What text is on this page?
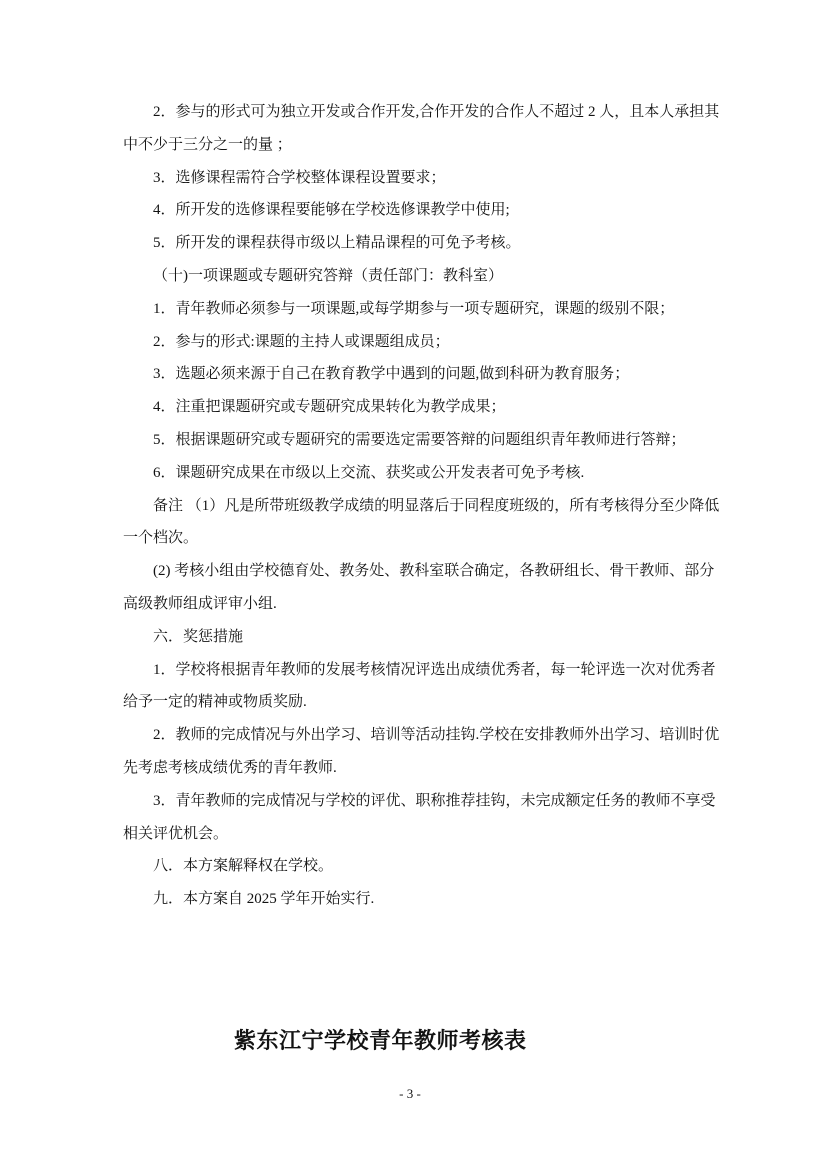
2．参与的形式可为独立开发或合作开发,合作开发的合作人不超过 2 人，且本人承担其
中不少于三分之一的量 ；
3．选修课程需符合学校整体课程设置要求；
4．所开发的选修课程要能够在学校选修课教学中使用;
5．所开发的课程获得市级以上精品课程的可免予考核。
（十)一项课题或专题研究答辩（责任部门：教科室）
1．青年教师必须参与一项课题,或每学期参与一项专题研究，课题的级别不限；
2．参与的形式:课题的主持人或课题组成员；
3．选题必须来源于自己在教育教学中遇到的问题,做到科研为教育服务；
4．注重把课题研究或专题研究成果转化为教学成果；
5．根据课题研究或专题研究的需要选定需要答辩的问题组织青年教师进行答辩；
6．课题研究成果在市级以上交流、获奖或公开发表者可免予考核.
备注 （1）凡是所带班级教学成绩的明显落后于同程度班级的，所有考核得分至少降低
一个档次。
(2) 考核小组由学校德育处、教务处、教科室联合确定，各教研组长、骨干教师、部分
高级教师组成评审小组.
六．奖惩措施
1．学校将根据青年教师的发展考核情况评选出成绩优秀者，每一轮评选一次对优秀者
给予一定的精神或物质奖励.
2．教师的完成情况与外出学习、培训等活动挂钩.学校在安排教师外出学习、培训时优
先考虑考核成绩优秀的青年教师.
3．青年教师的完成情况与学校的评优、职称推荐挂钩，未完成额定任务的教师不享受
相关评优机会。
八．本方案解释权在学校。
九．本方案自 2025 学年开始实行.
紫东江宁学校青年教师考核表
- 3 -
